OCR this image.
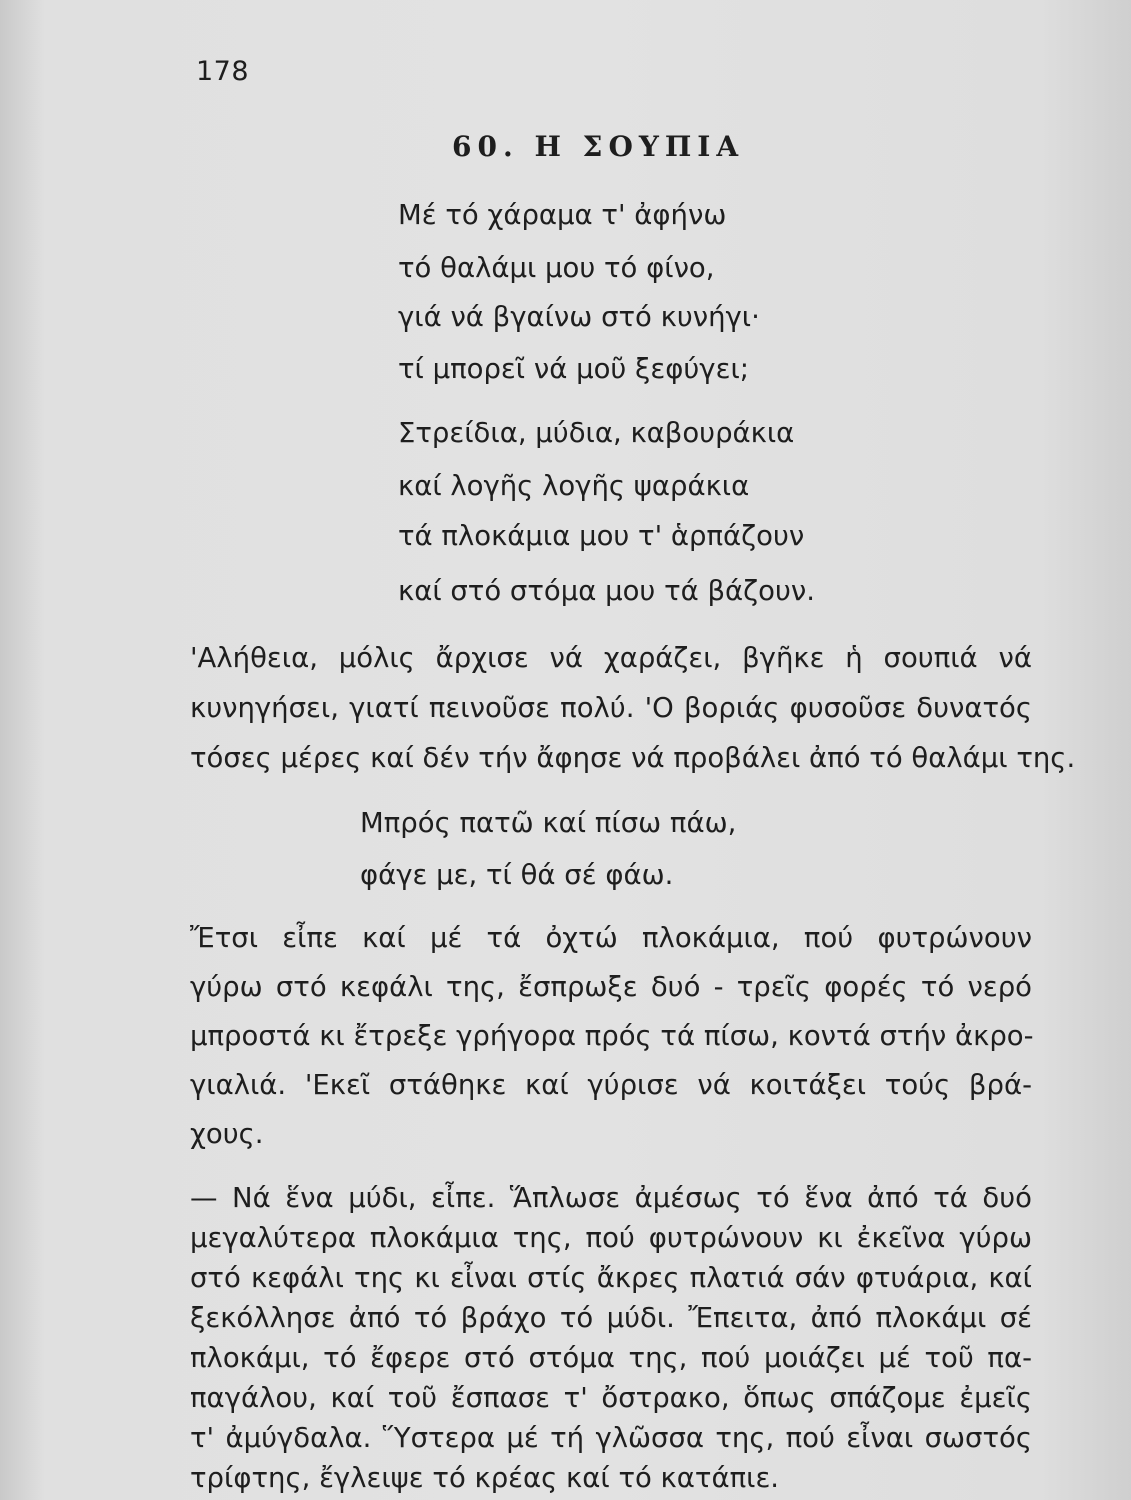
178
60. Η ΣΟΥΠΙΑ
Μέ τό χάραμα τ' ἀφήνω
τό θαλάμι μου τό φίνο,
γιά νά βγαίνω στό κυνήγι·
τί μπορεῖ νά μοῦ ξεφύγει;
Στρείδια, μύδια, καβουράκια
καί λογῆς λογῆς ψαράκια
τά πλοκάμια μου τ' ἁρπάζουν
καί στό στόμα μου τά βάζουν.
'Αλήθεια, μόλις ἄρχισε νά χαράζει, βγῆκε ἡ σουπιά νά
κυνηγήσει, γιατί πεινοῦσε πολύ. 'Ο βοριάς φυσοῦσε δυνατός
τόσες μέρες καί δέν τήν ἄφησε νά προβάλει ἀπό τό θαλάμι της.
Μπρός πατῶ καί πίσω πάω,
φάγε με, τί θά σέ φάω.
Ἔτσι εἶπε καί μέ τά ὀχτώ πλοκάμια, πού φυτρώνουν
γύρω στό κεφάλι της, ἔσπρωξε δυό - τρεῖς φορές τό νερό
μπροστά κι ἔτρεξε γρήγορα πρός τά πίσω, κοντά στήν ἀκρο-
γιαλιά. 'Εκεῖ στάθηκε καί γύρισε νά κοιτάξει τούς βρά-
χους.
— Νά ἕνα μύδι, εἶπε. Ἅπλωσε ἀμέσως τό ἕνα ἀπό τά δυό
μεγαλύτερα πλοκάμια της, πού φυτρώνουν κι ἐκεῖνα γύρω
στό κεφάλι της κι εἶναι στίς ἄκρες πλατιά σάν φτυάρια, καί
ξεκόλλησε ἀπό τό βράχο τό μύδι. Ἔπειτα, ἀπό πλοκάμι σέ
πλοκάμι, τό ἔφερε στό στόμα της, πού μοιάζει μέ τοῦ πα-
παγάλου, καί τοῦ ἔσπασε τ' ὄστρακο, ὅπως σπάζομε ἐμεῖς
τ' ἀμύγδαλα. Ὕστερα μέ τή γλῶσσα της, πού εἶναι σωστός
τρίφτης, ἔγλειψε τό κρέας καί τό κατάπιε.
